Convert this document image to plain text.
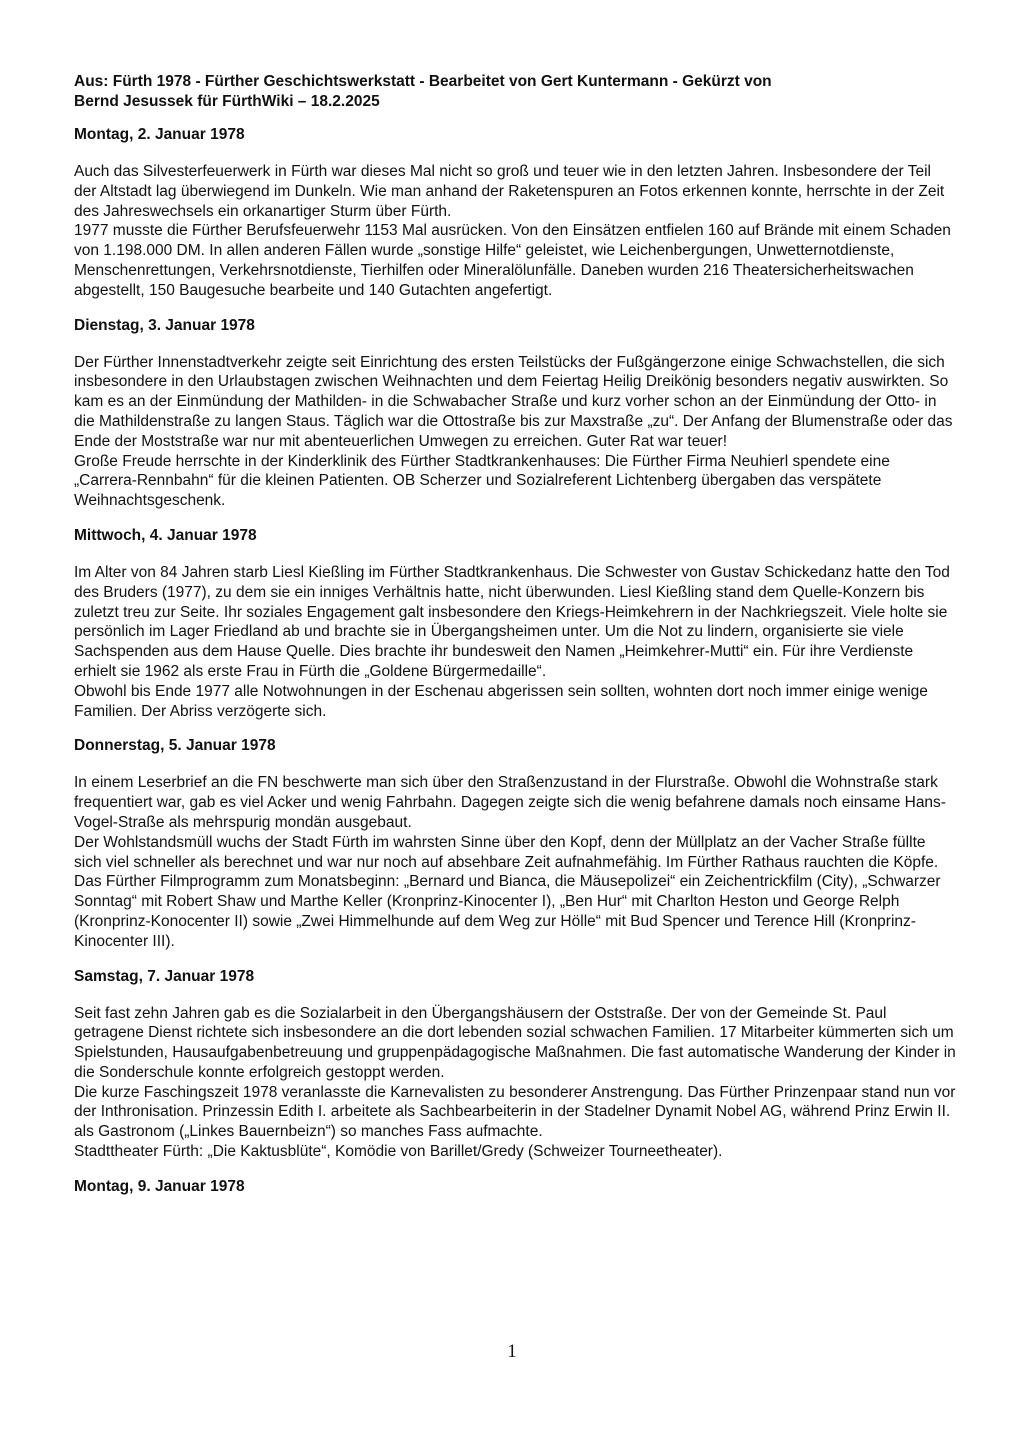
Aus: Fürth 1978 - Fürther Geschichtswerkstatt - Bearbeitet von Gert Kuntermann - Gekürzt von
Bernd Jesussek für FürthWiki – 18.2.2025

Montag, 2. Januar 1978

Auch das Silvesterfeuerwerk in Fürth war dieses Mal nicht so groß und teuer wie in den letzten Jahren. Insbesondere der Teil der Altstadt lag überwiegend im Dunkeln. Wie man anhand der Raketenspuren an Fotos erkennen konnte, herrschte in der Zeit des Jahreswechsels ein orkanartiger Sturm über Fürth.

1977 musste die Fürther Berufsfeuerwehr 1153 Mal ausrücken. Von den Einsätzen entfielen 160 auf Brände mit einem Schaden von 1.198.000 DM. In allen anderen Fällen wurde „sonstige Hilfe“ geleistet, wie Leichenbergungen, Unwetternotdienste, Menschenrettungen, Verkehrsnotdienste, Tierhilfen oder Mineralölunfälle. Daneben wurden 216 Theatersicherheitswachen abgestellt, 150 Baugesuche bearbeite und 140 Gutachten angefertigt.

Dienstag, 3. Januar 1978

Der Fürther Innenstadtverkehr zeigte seit Einrichtung des ersten Teilstücks der Fußgängerzone einige Schwachstellen, die sich insbesondere in den Urlaubstagen zwischen Weihnachten und dem Feiertag Heilig Dreikönig besonders negativ auswirkten. So kam es an der Einmündung der Mathilden- in die Schwabacher Straße und kurz vorher schon an der Einmündung der Otto- in die Mathildenstraße zu langen Staus. Täglich war die Ottostraße bis zur Maxstraße „zu“. Der Anfang der Blumenstraße oder das Ende der Moststraße war nur mit abenteuerlichen Umwegen zu erreichen. Guter Rat war teuer!

Große Freude herrschte in der Kinderklinik des Fürther Stadtkrankenhauses: Die Fürther Firma Neuhierl spendete eine „Carrera-Rennbahn“ für die kleinen Patienten. OB Scherzer und Sozialreferent Lichtenberg übergaben das verspätete Weihnachtsgeschenk.

Mittwoch, 4. Januar 1978

Im Alter von 84 Jahren starb Liesl Kießling im Fürther Stadtkrankenhaus. Die Schwester von Gustav Schickedanz hatte den Tod des Bruders (1977), zu dem sie ein inniges Verhältnis hatte, nicht überwunden. Liesl Kießling stand dem Quelle-Konzern bis zuletzt treu zur Seite. Ihr soziales Engagement galt insbesondere den Kriegs-Heimkehrern in der Nachkriegszeit. Viele holte sie persönlich im Lager Friedland ab und brachte sie in Übergangsheimen unter. Um die Not zu lindern, organisierte sie viele Sachspenden aus dem Hause Quelle. Dies brachte ihr bundesweit den Namen „Heimkehrer-Mutti“ ein. Für ihre Verdienste erhielt sie 1962 als erste Frau in Fürth die „Goldene Bürgermedaille“.

Obwohl bis Ende 1977 alle Notwohnungen in der Eschenau abgerissen sein sollten, wohnten dort noch immer einige wenige Familien. Der Abriss verzögerte sich.

Donnerstag, 5. Januar 1978

In einem Leserbrief an die FN beschwerte man sich über den Straßenzustand in der Flurstraße. Obwohl die Wohnstraße stark frequentiert war, gab es viel Acker und wenig Fahrbahn. Dagegen zeigte sich die wenig befahrene damals noch einsame Hans-Vogel-Straße als mehrspurig mondän ausgebaut.

Der Wohlstandsmüll wuchs der Stadt Fürth im wahrsten Sinne über den Kopf, denn der Müllplatz an der Vacher Straße füllte sich viel schneller als berechnet und war nur noch auf absehbare Zeit aufnahmefähig. Im Fürther Rathaus rauchten die Köpfe.

Das Fürther Filmprogramm zum Monatsbeginn: „Bernard und Bianca, die Mäusepolizei“ ein Zeichentrickfilm (City), „Schwarzer Sonntag“ mit Robert Shaw und Marthe Keller (Kronprinz-Kinocenter I), „Ben Hur“ mit Charlton Heston und George Relph (Kronprinz-Konocenter II) sowie „Zwei Himmelhunde auf dem Weg zur Hölle“ mit Bud Spencer und Terence Hill (Kronprinz-Kinocenter III).

Samstag, 7. Januar 1978

Seit fast zehn Jahren gab es die Sozialarbeit in den Übergangshäusern der Oststraße. Der von der Gemeinde St. Paul getragene Dienst richtete sich insbesondere an die dort lebenden sozial schwachen Familien. 17 Mitarbeiter kümmerten sich um Spielstunden, Hausaufgabenbetreuung und gruppenpädagogische Maßnahmen. Die fast automatische Wanderung der Kinder in die Sonderschule konnte erfolgreich gestoppt werden.

Die kurze Faschingszeit 1978 veranlasste die Karnevalisten zu besonderer Anstrengung. Das Fürther Prinzenpaar stand nun vor der Inthronisation. Prinzessin Edith I. arbeitete als Sachbearbeiterin in der Stadelner Dynamit Nobel AG, während Prinz Erwin II. als Gastronom („Linkes Bauernbeizn“) so manches Fass aufmachte.

Stadttheater Fürth: „Die Kaktusblüte“, Komödie von Barillet/Gredy (Schweizer Tourneetheater).

Montag, 9. Januar 1978

1
